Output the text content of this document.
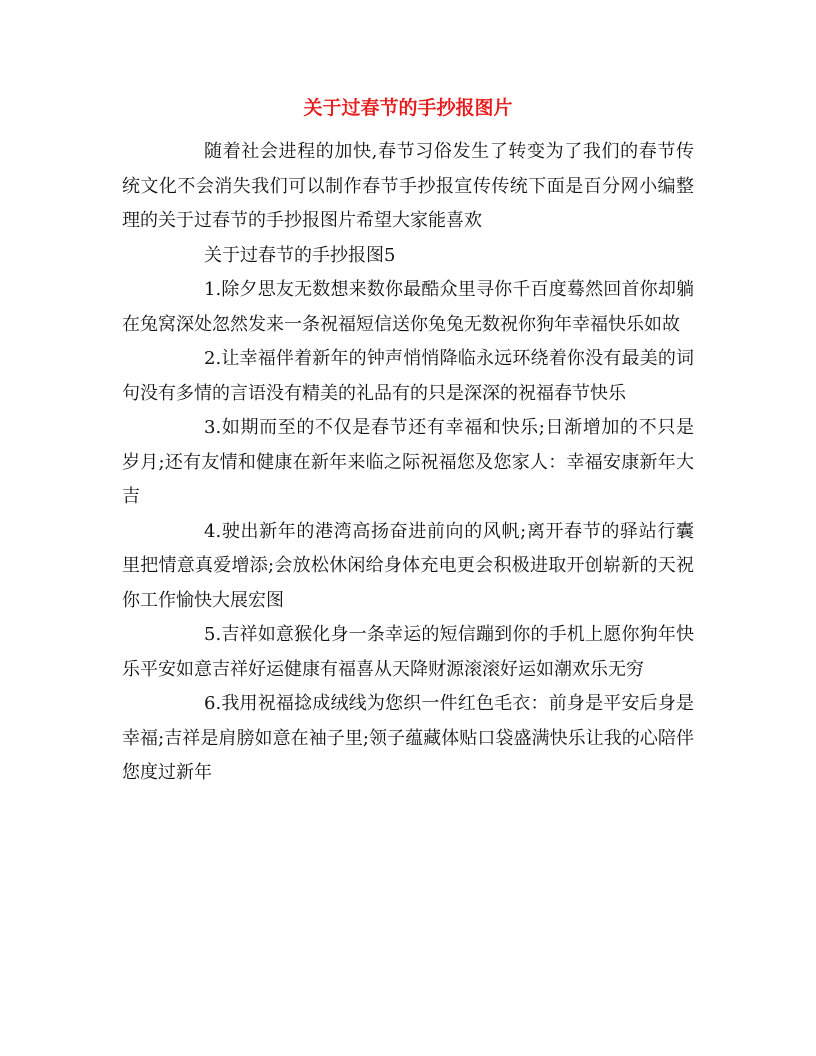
关于过春节的手抄报图片

随着社会进程的加快,春节习俗发生了转变为了我们的春节传统文化不会消失我们可以制作春节手抄报宣传传统下面是百分网小编整理的关于过春节的手抄报图片希望大家能喜欢

关于过春节的手抄报图5

1.除夕思友无数想来数你最酷众里寻你千百度蓦然回首你却躺在兔窝深处忽然发来一条祝福短信送你兔兔无数祝你狗年幸福快乐如故

2.让幸福伴着新年的钟声悄悄降临永远环绕着你没有最美的词句没有多情的言语没有精美的礼品有的只是深深的祝福春节快乐

3.如期而至的不仅是春节还有幸福和快乐;日渐增加的不只是岁月;还有友情和健康在新年来临之际祝福您及您家人：幸福安康新年大吉

4.驶出新年的港湾高扬奋进前向的风帆;离开春节的驿站行囊里把情意真爱增添;会放松休闲给身体充电更会积极进取开创崭新的天祝你工作愉快大展宏图

5.吉祥如意猴化身一条幸运的短信蹦到你的手机上愿你狗年快乐平安如意吉祥好运健康有福喜从天降财源滚滚好运如潮欢乐无穷

6.我用祝福捻成绒线为您织一件红色毛衣：前身是平安后身是幸福;吉祥是肩膀如意在袖子里;领子蕴藏体贴口袋盛满快乐让我的心陪伴您度过新年
